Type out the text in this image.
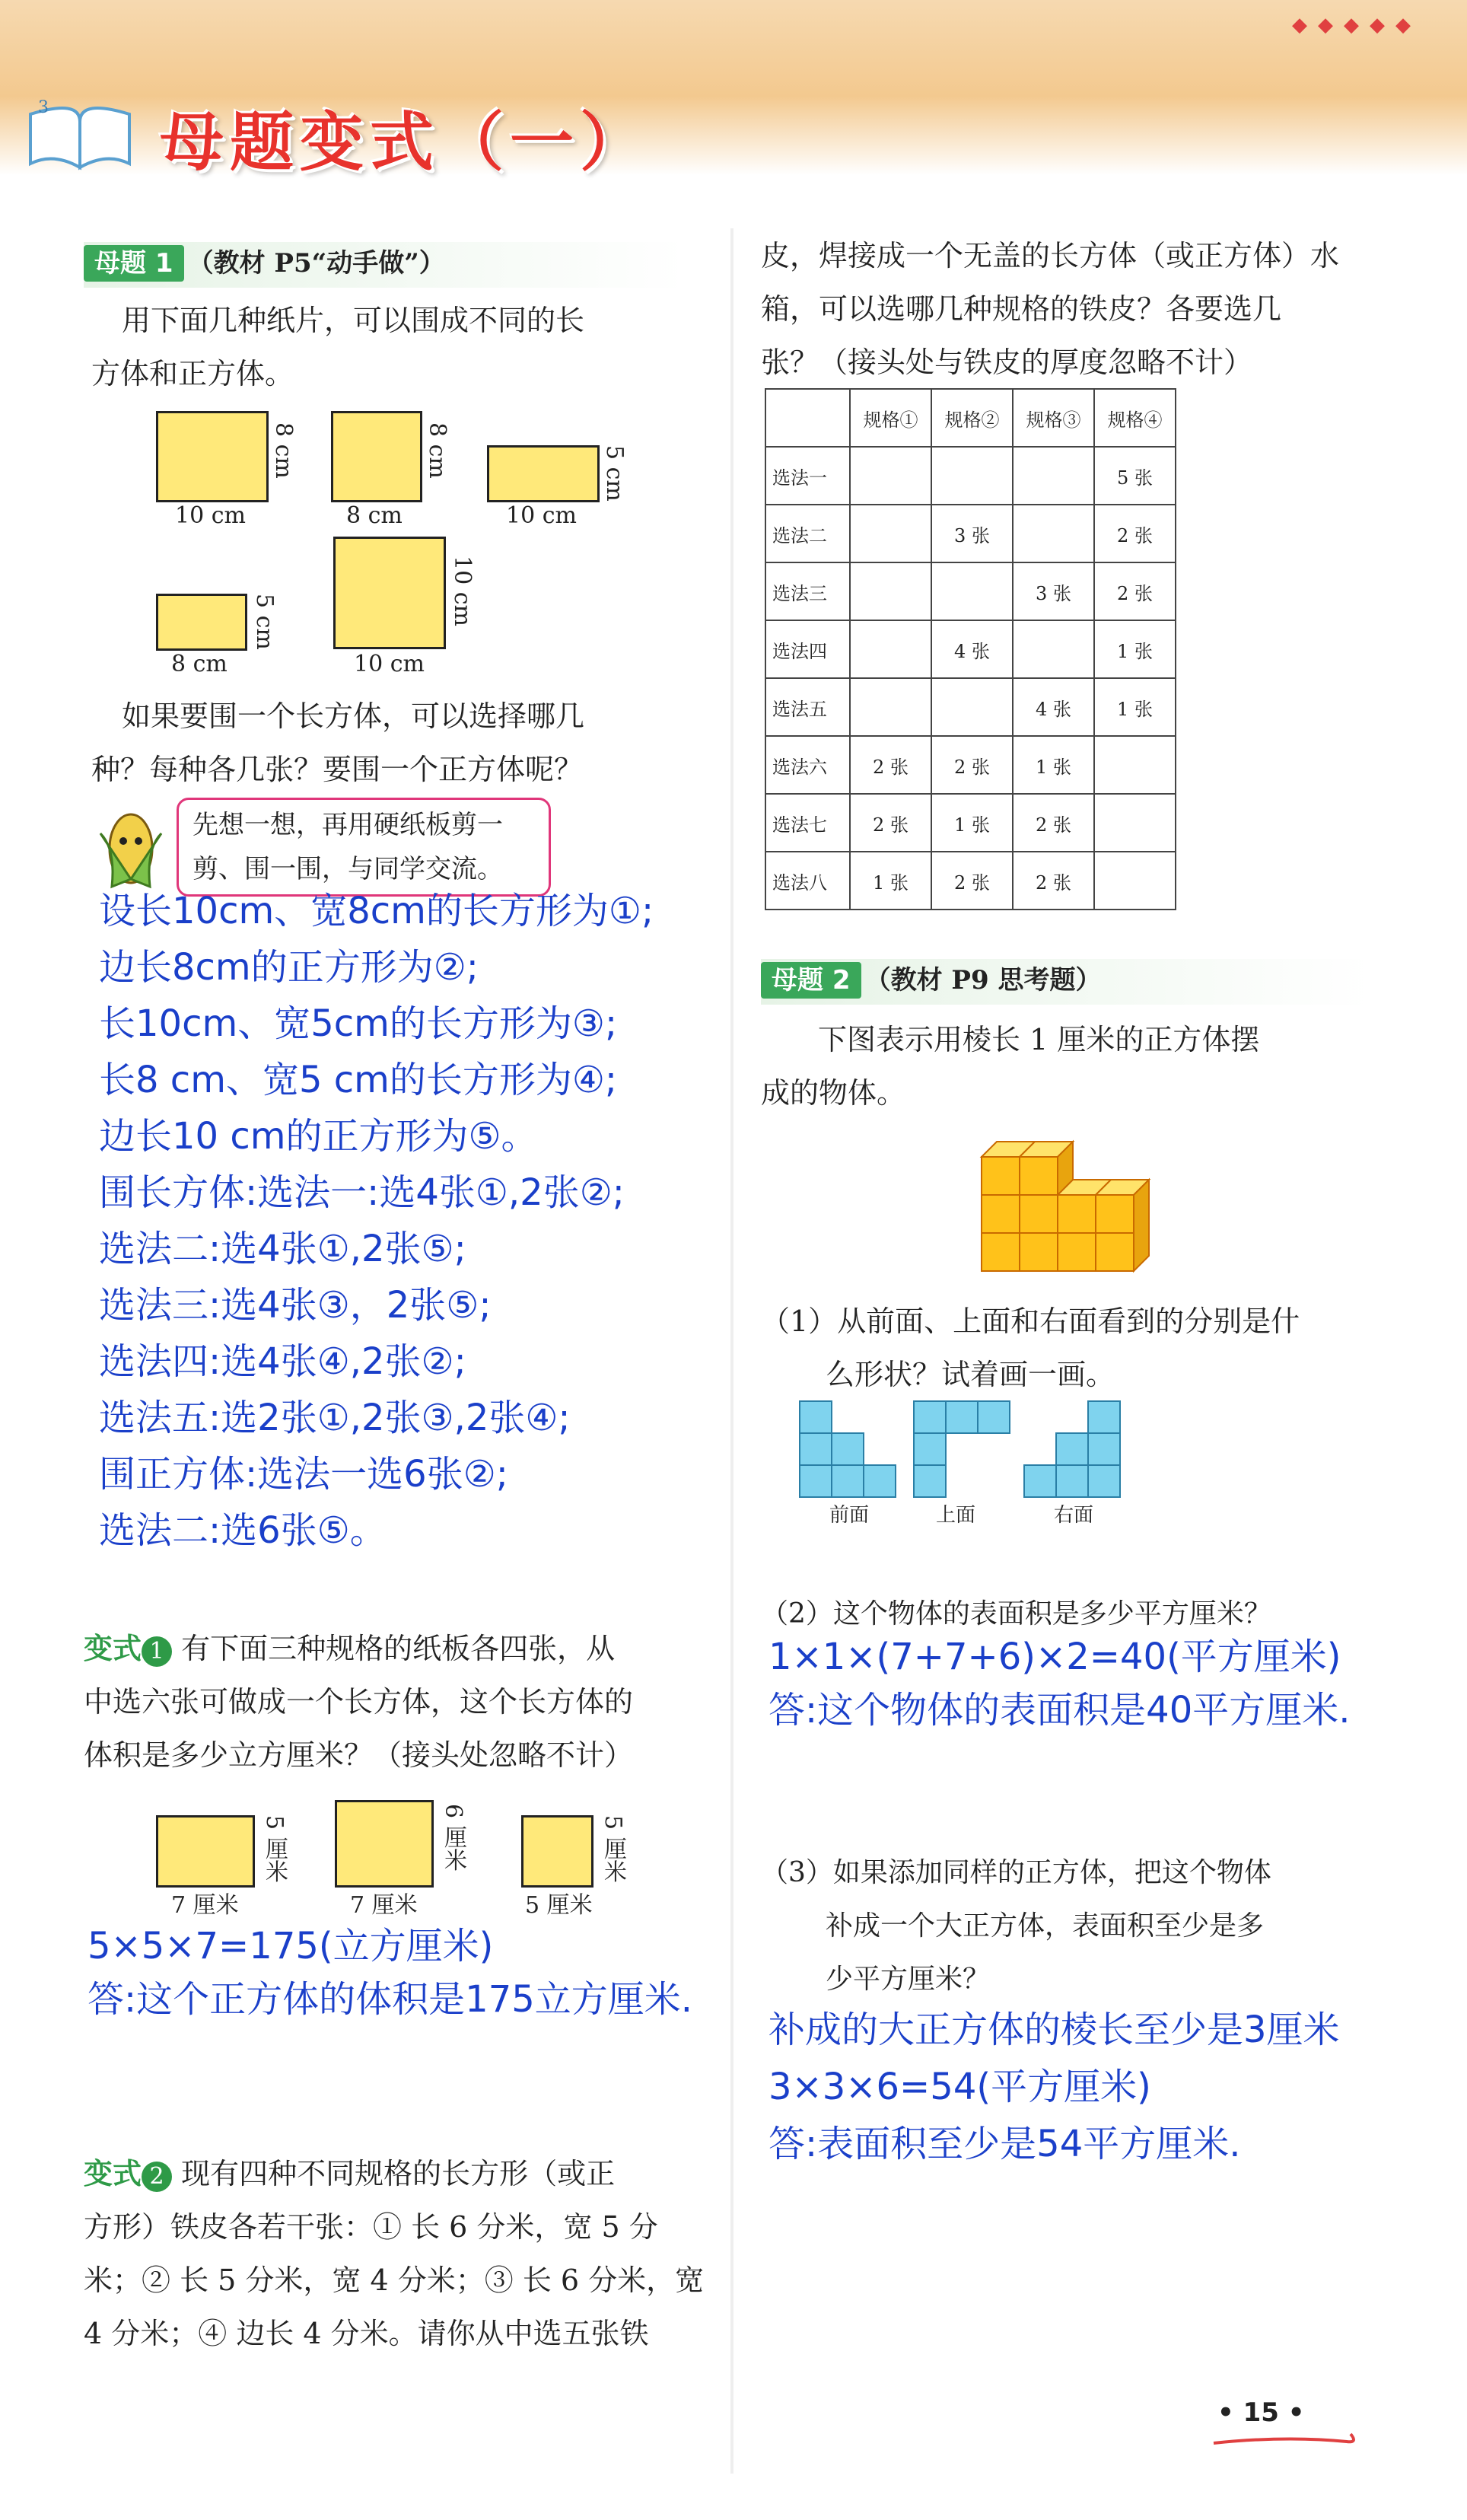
◆◆◆◆◆
3 母题变式（一）
母题 1 （教材 P5“动手做”）
用下面几种纸片，可以围成不同的长
方体和正方体。
10 cm
8 cm
8 cm
8 cm
10 cm
5 cm
8 cm
5 cm
10 cm
10 cm
如果要围一个长方体，可以选择哪几
种？每种各几张？要围一个正方体呢？
先想一想，再用硬纸板剪一
剪、围一围，与同学交流。
设长10cm、宽8cm的长方形为①;
边长8cm的正方形为②;
长10cm、宽5cm的长方形为③;
长8 cm、宽5 cm的长方形为④;
边长10 cm的正方形为⑤。
围长方体:选法一:选4张①,2张②;
选法二:选4张①,2张⑤;
选法三:选4张③，2张⑤;
选法四:选4张④,2张②;
选法五:选2张①,2张③,2张④;
围正方体:选法一选6张②;
选法二:选6张⑤。
变式 1 有下面三种规格的纸板各四张，从
中选六张可做成一个长方体，这个长方体的
体积是多少立方厘米？（接头处忽略不计）
7 厘米
5 厘米
7 厘米
6 厘米
5 厘米
5 厘米
5×5×7=175(立方厘米)
答:这个正方体的体积是175立方厘米.
变式 2 现有四种不同规格的长方形（或正
方形）铁皮各若干张：① 长 6 分米，宽 5 分
米；② 长 5 分米，宽 4 分米；③ 长 6 分米，宽
4 分米；④ 边长 4 分米。请你从中选五张铁
皮，焊接成一个无盖的长方体（或正方体）水
箱，可以选哪几种规格的铁皮？各要选几
张？（接头处与铁皮的厚度忽略不计）
	规格①	规格②	规格③	规格④
选法一				5 张
选法二		3 张		2 张
选法三			3 张	2 张
选法四		4 张		1 张
选法五			4 张	1 张
选法六	2 张	2 张	1 张	
选法七	2 张	1 张	2 张	
选法八	1 张	2 张	2 张	
母题 2 （教材 P9 思考题）
下图表示用棱长 1 厘米的正方体摆
成的物体。
（1）从前面、上面和右面看到的分别是什
么形状？试着画一画。

前面	上面	右面
（2）这个物体的表面积是多少平方厘米？
1×1×(7+7+6)×2=40(平方厘米)
答:这个物体的表面积是40平方厘米.
（3）如果添加同样的正方体，把这个物体
补成一个大正方体，表面积至少是多
少平方厘米？
补成的大正方体的棱长至少是3厘米
3×3×6=54(平方厘米)
答:表面积至少是54平方厘米.
• 15 •
